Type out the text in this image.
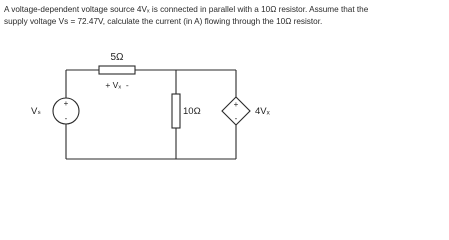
A voltage-dependent voltage source 4Vₓ is connected in parallel with a 10Ω resistor. Assume that the
supply voltage Vs = 72.47V, calculate the current (in A) flowing through the 10Ω resistor.
5Ω
+ Vₓ  -
+
-
Vₛ	10Ω
+
-
4Vₓ
